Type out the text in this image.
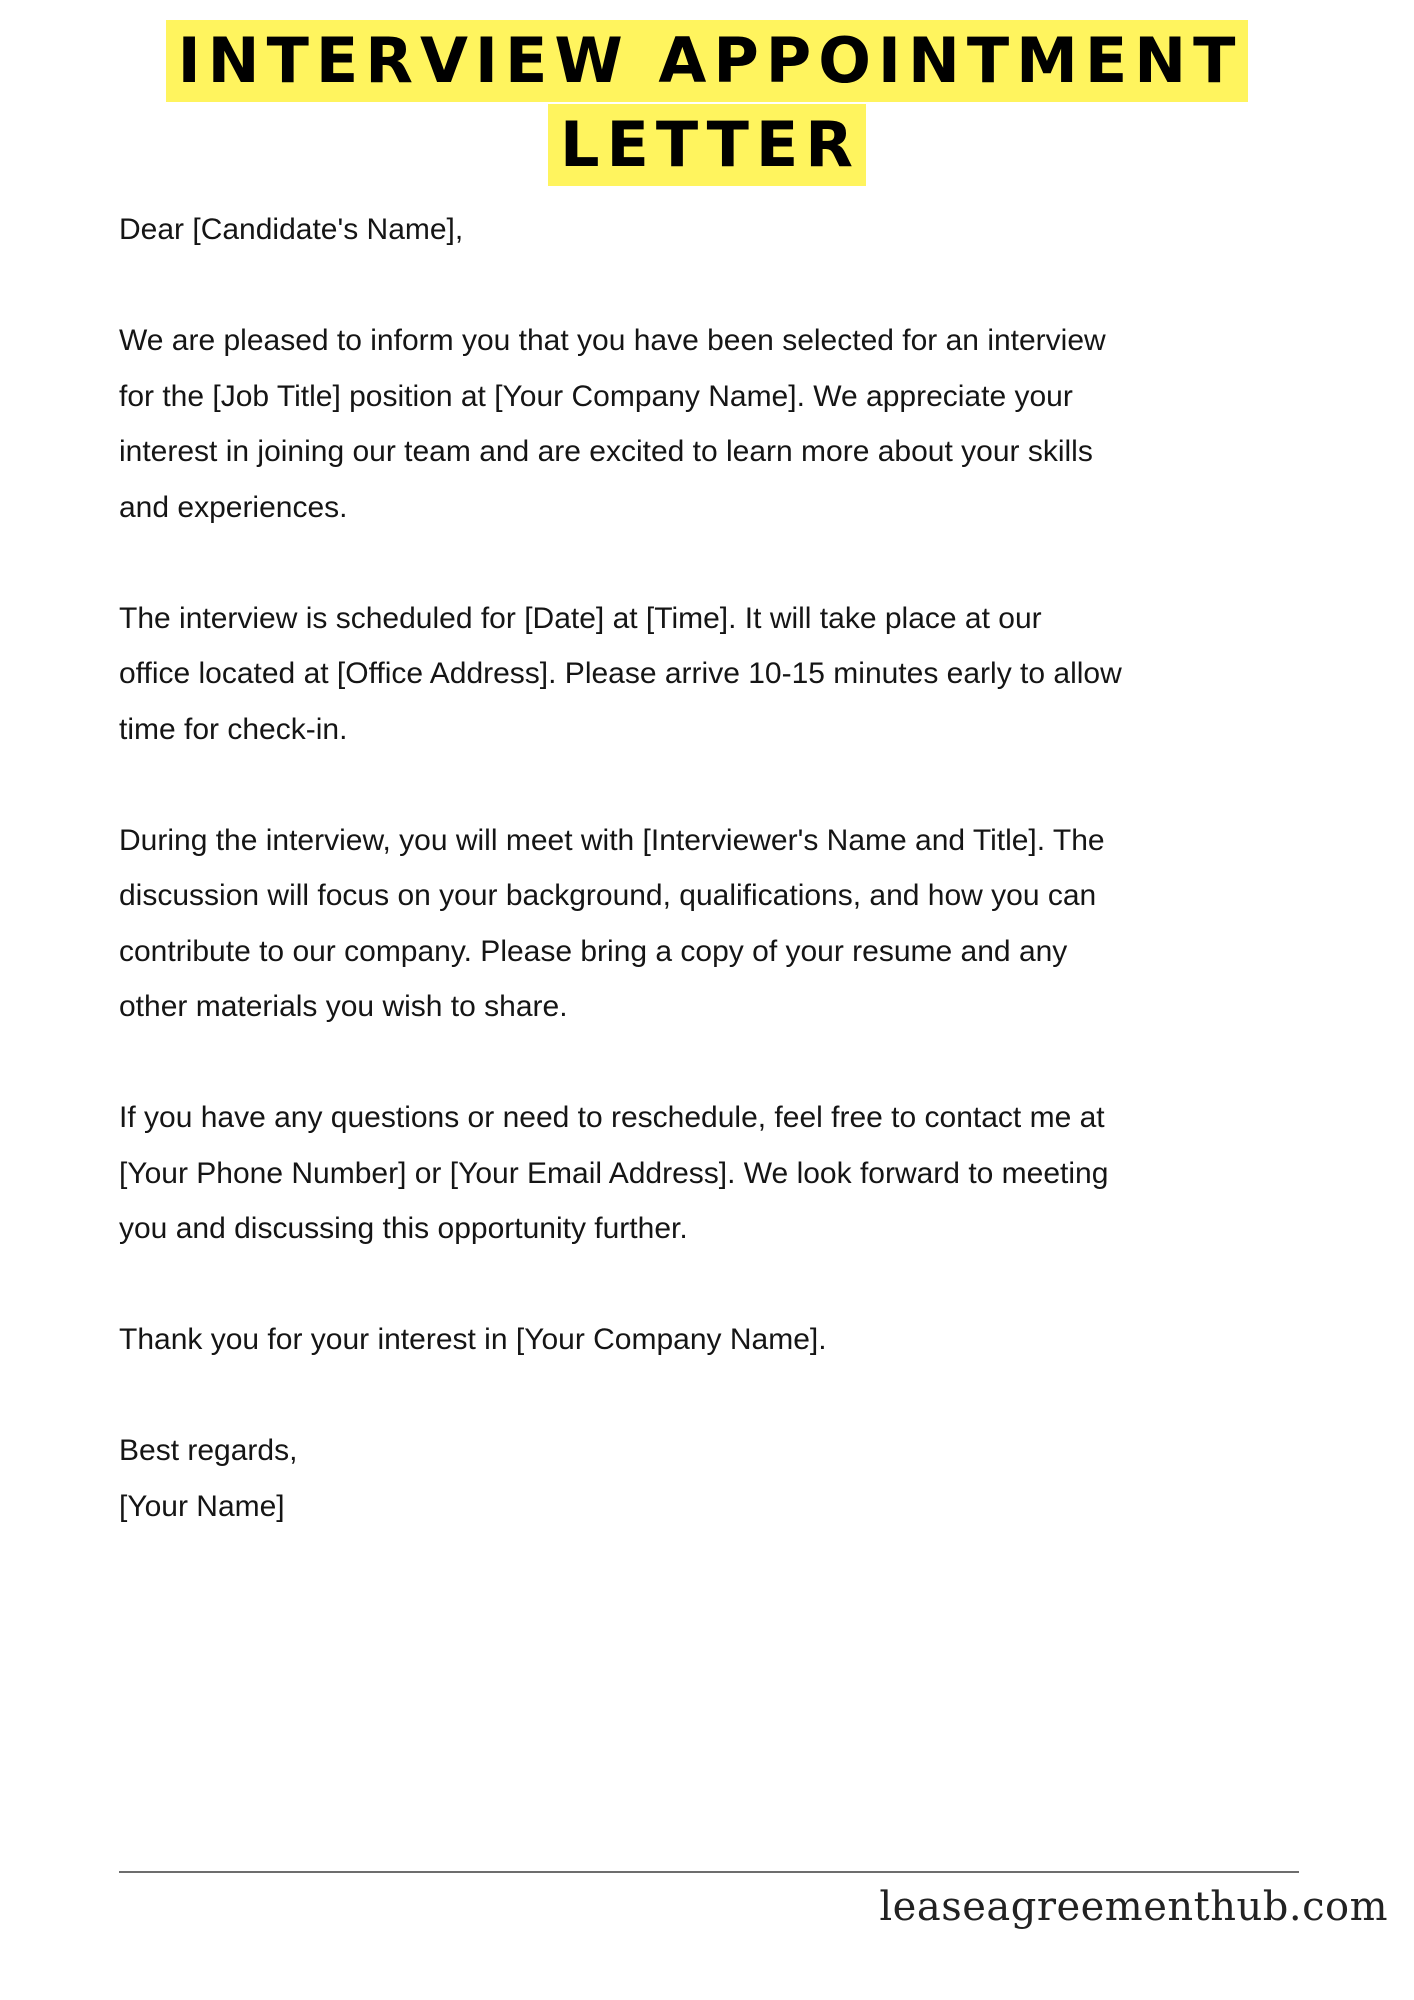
INTERVIEW APPOINTMENT
LETTER

Dear [Candidate's Name],

We are pleased to inform you that you have been selected for an interview
for the [Job Title] position at [Your Company Name]. We appreciate your
interest in joining our team and are excited to learn more about your skills
and experiences.

The interview is scheduled for [Date] at [Time]. It will take place at our
office located at [Office Address]. Please arrive 10-15 minutes early to allow
time for check-in.

During the interview, you will meet with [Interviewer's Name and Title]. The
discussion will focus on your background, qualifications, and how you can
contribute to our company. Please bring a copy of your resume and any
other materials you wish to share.

If you have any questions or need to reschedule, feel free to contact me at
[Your Phone Number] or [Your Email Address]. We look forward to meeting
you and discussing this opportunity further.

Thank you for your interest in [Your Company Name].

Best regards,

[Your Name]

leaseagreementhub.com
